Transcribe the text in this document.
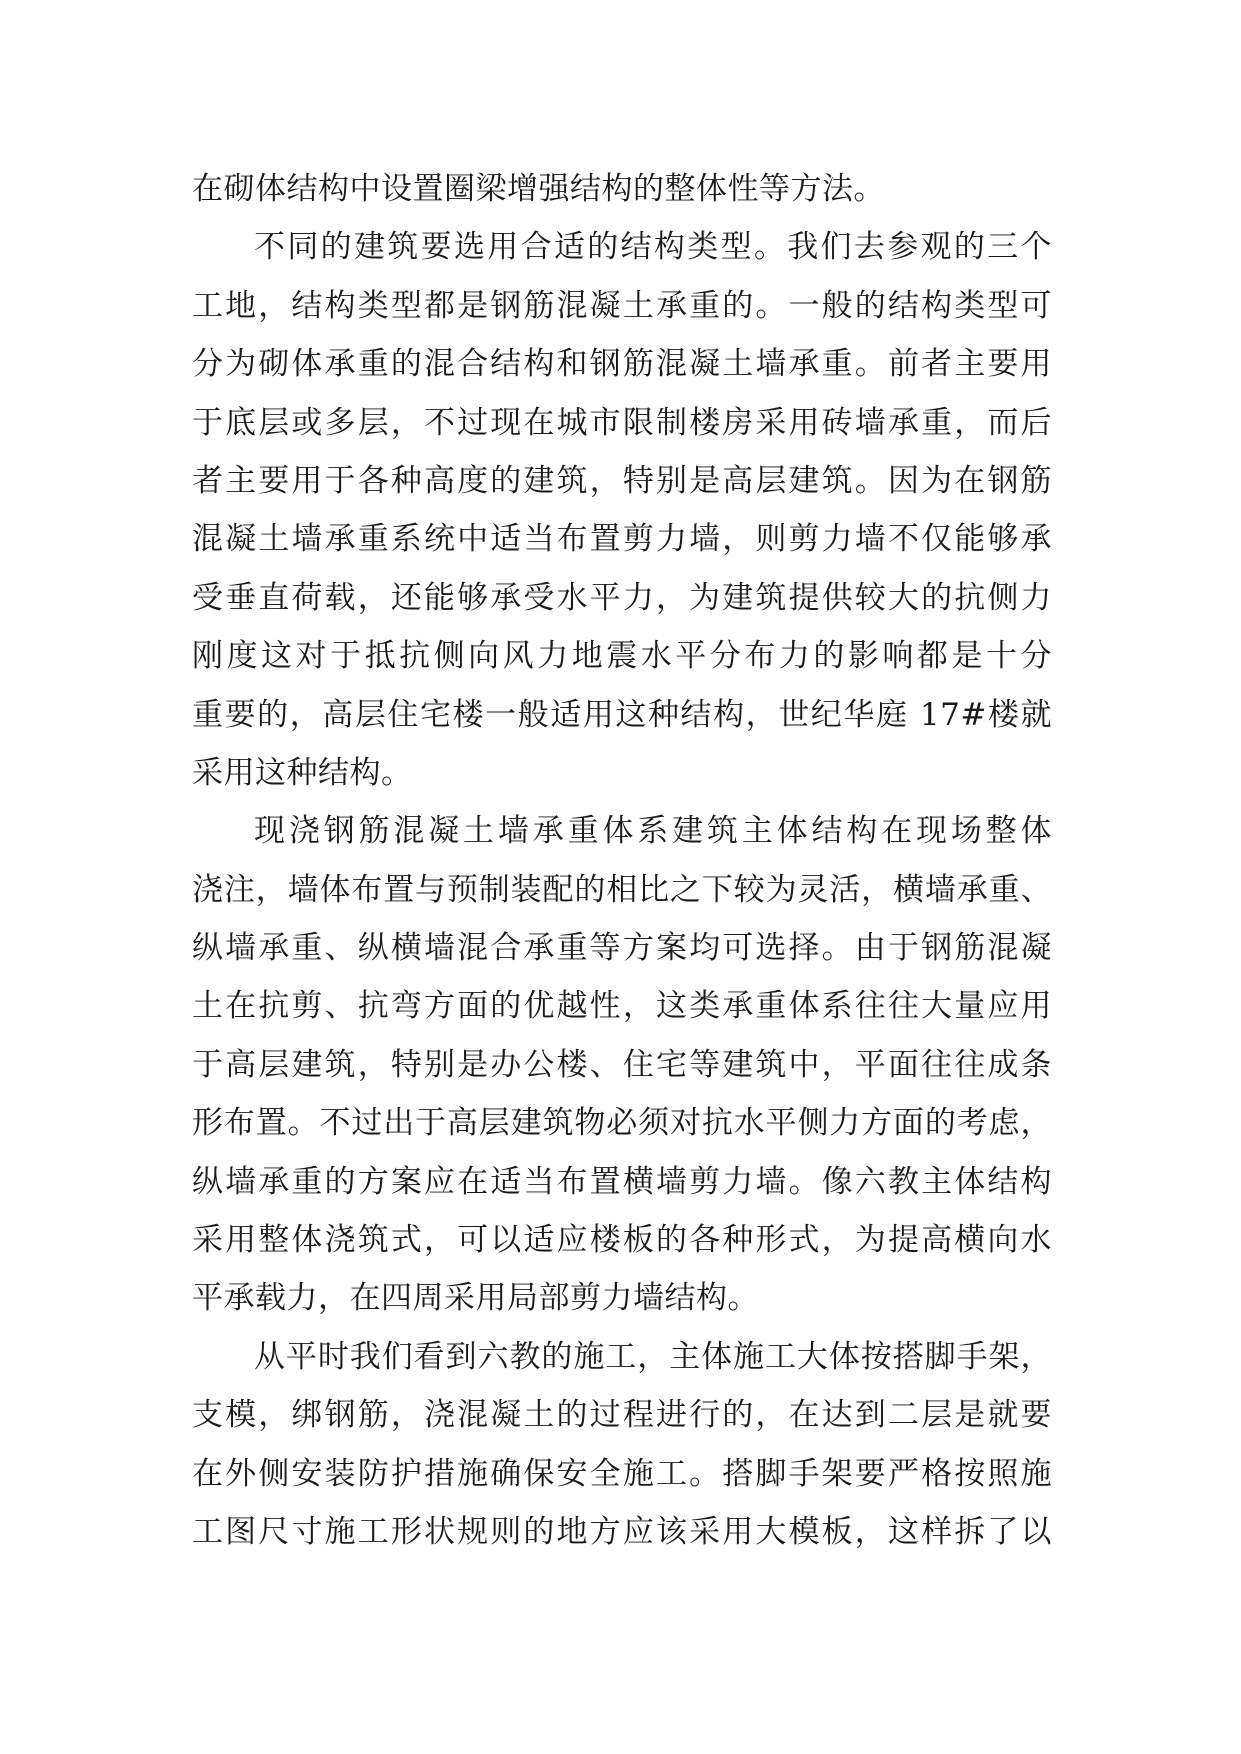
在砌体结构中设置圈梁增强结构的整体性等方法。
不同的建筑要选用合适的结构类型。我们去参观的三个
工地，结构类型都是钢筋混凝土承重的。一般的结构类型可
分为砌体承重的混合结构和钢筋混凝土墙承重。前者主要用
于底层或多层，不过现在城市限制楼房采用砖墙承重，而后
者主要用于各种高度的建筑，特别是高层建筑。因为在钢筋
混凝土墙承重系统中适当布置剪力墙，则剪力墙不仅能够承
受垂直荷载，还能够承受水平力，为建筑提供较大的抗侧力
刚度这对于抵抗侧向风力地震水平分布力的影响都是十分
重要的，高层住宅楼一般适用这种结构，世纪华庭 17#楼就
采用这种结构。
现浇钢筋混凝土墙承重体系建筑主体结构在现场整体
浇注，墙体布置与预制装配的相比之下较为灵活，横墙承重、
纵墙承重、纵横墙混合承重等方案均可选择。由于钢筋混凝
土在抗剪、抗弯方面的优越性，这类承重体系往往大量应用
于高层建筑，特别是办公楼、住宅等建筑中，平面往往成条
形布置。不过出于高层建筑物必须对抗水平侧力方面的考虑，
纵墙承重的方案应在适当布置横墙剪力墙。像六教主体结构
采用整体浇筑式，可以适应楼板的各种形式，为提高横向水
平承载力，在四周采用局部剪力墙结构。
从平时我们看到六教的施工，主体施工大体按搭脚手架，
支模，绑钢筋，浇混凝土的过程进行的，在达到二层是就要
在外侧安装防护措施确保安全施工。搭脚手架要严格按照施
工图尺寸施工形状规则的地方应该采用大模板，这样拆了以
